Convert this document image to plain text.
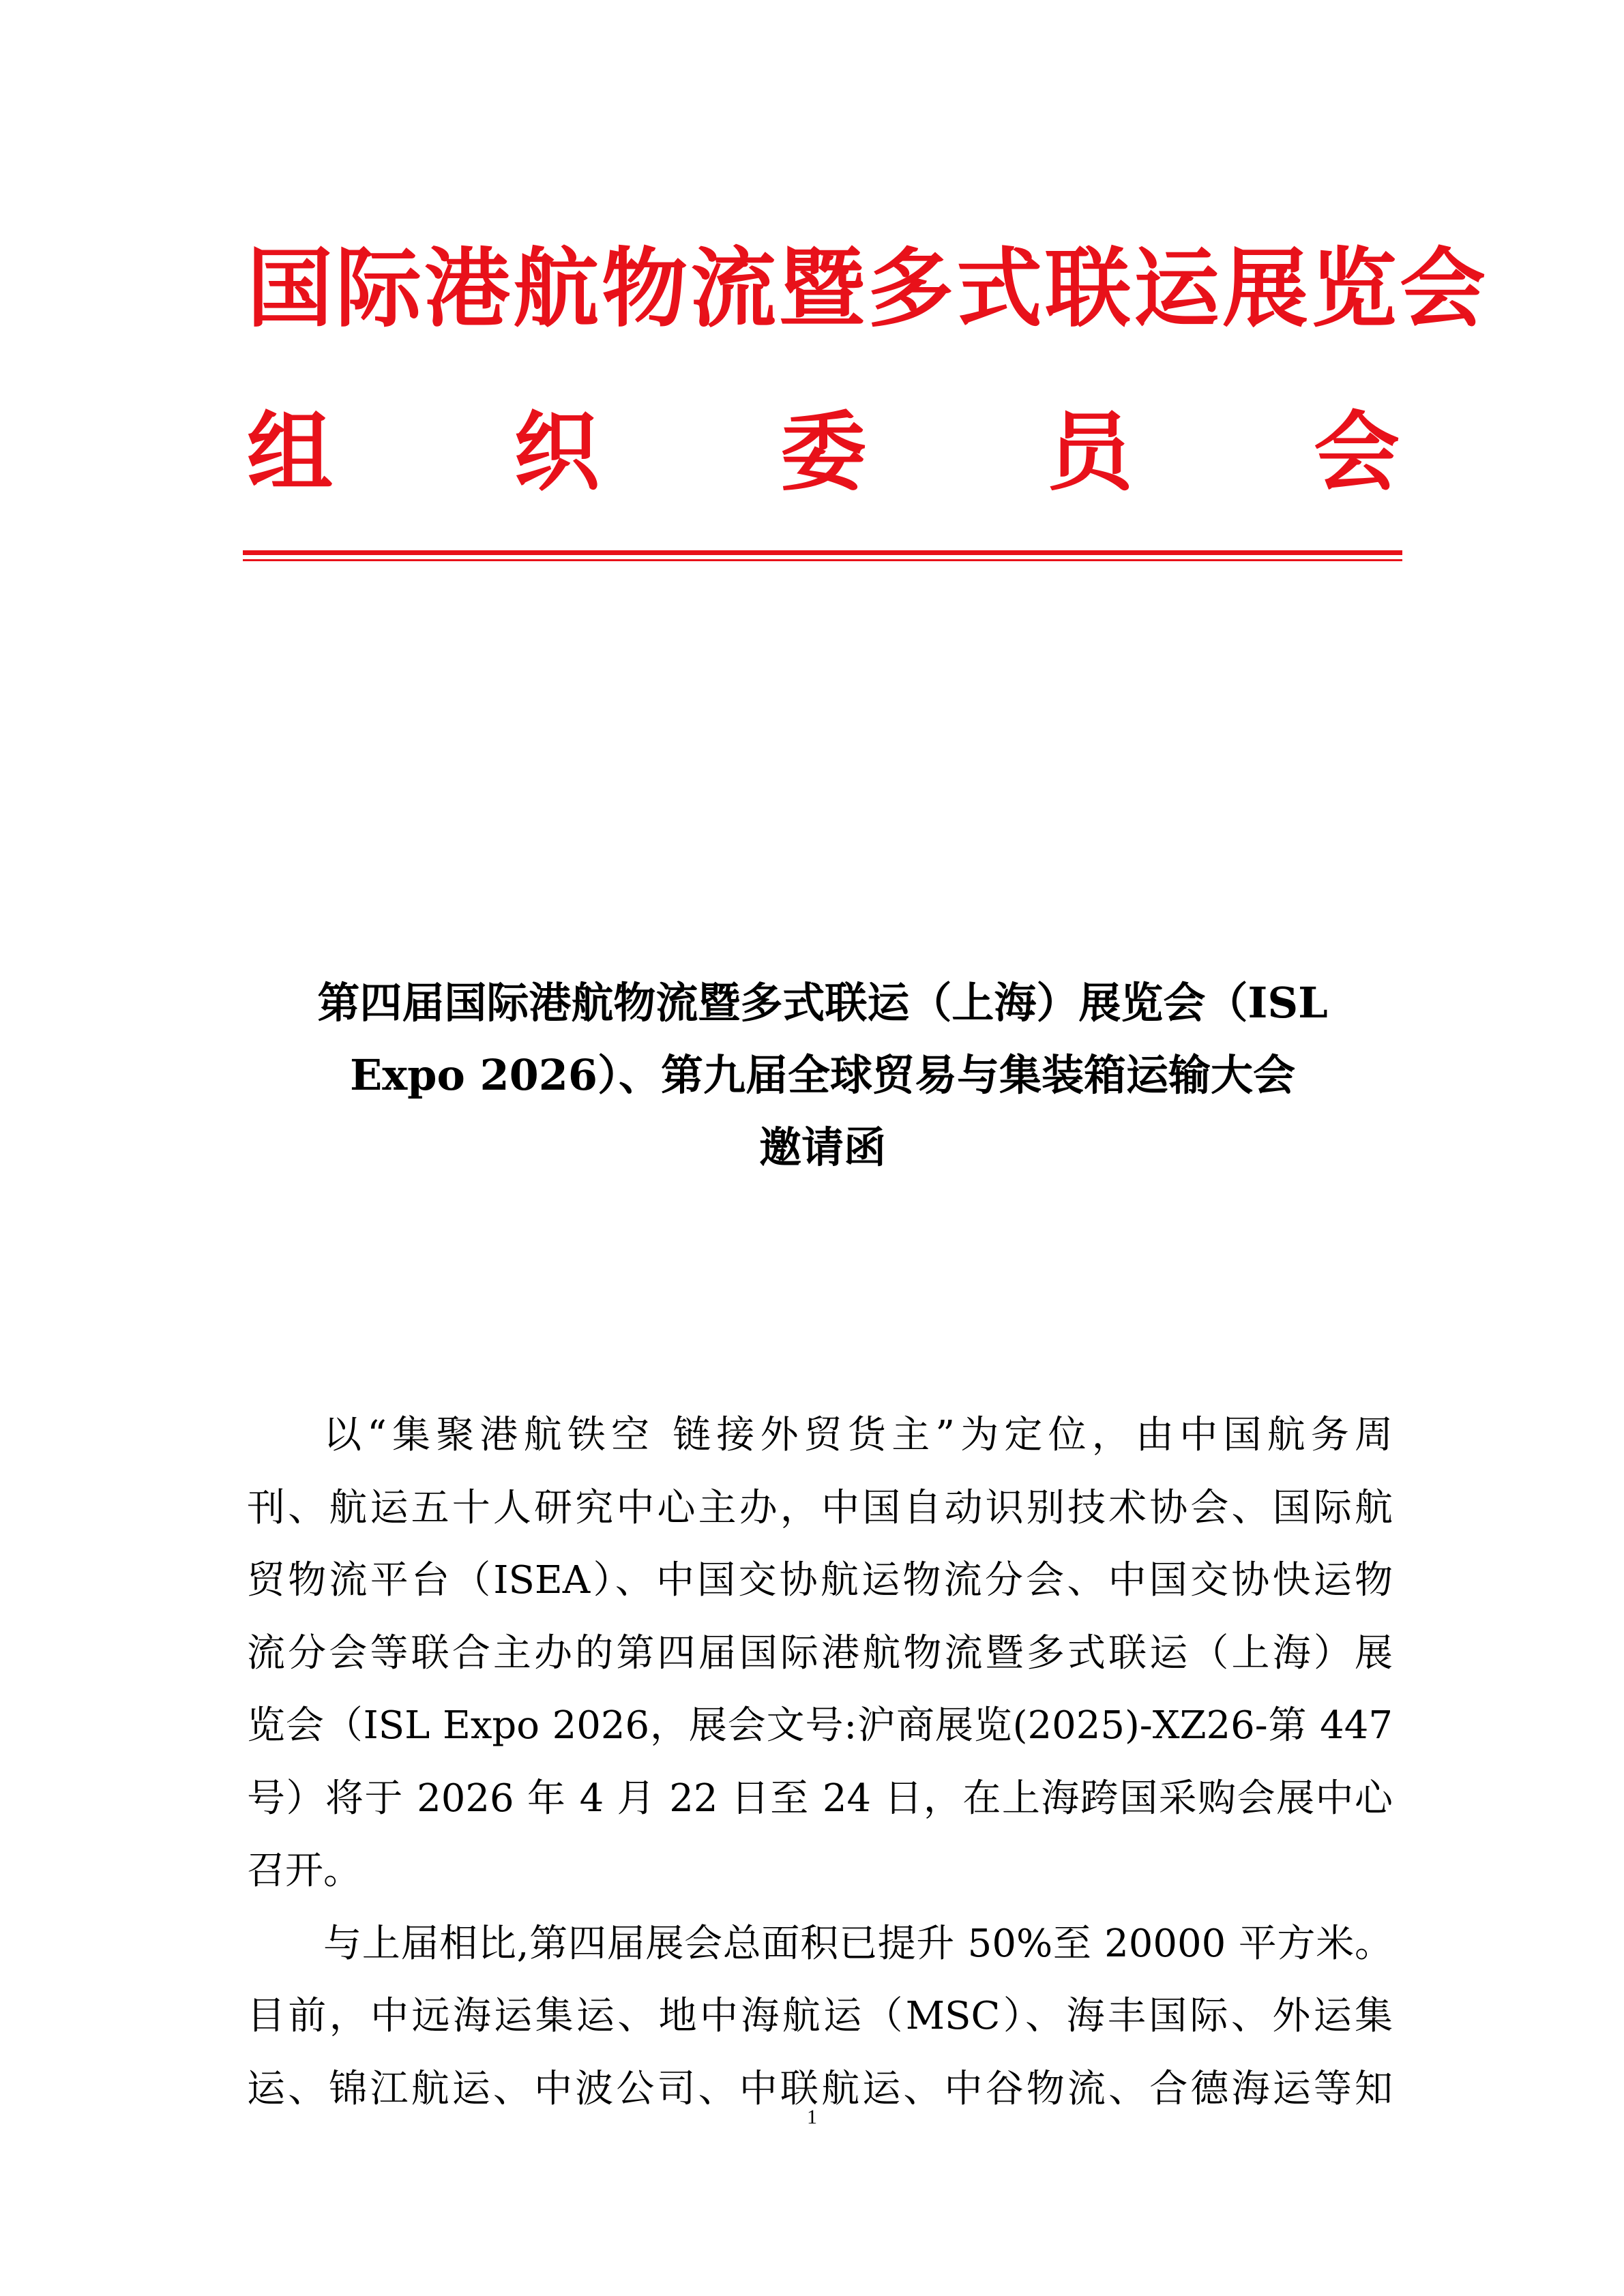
国际港航物流暨多式联运展览会
组 织 委 员 会
第四届国际港航物流暨多式联运（上海）展览会（ISL
Expo 2026）、第九届全球贸易与集装箱运输大会
邀请函
以“集聚港航铁空 链接外贸货主”为定位，由中国航务周
刊、航运五十人研究中心主办，中国自动识别技术协会、国际航
贸物流平台（ISEA）、中国交协航运物流分会、中国交协快运物
流分会等联合主办的第四届国际港航物流暨多式联运（上海）展
览会（ISL Expo 2026，展会文号:沪商展览(2025)-XZ26-第 447
号）将于 2026 年 4 月 22 日至 24 日，在上海跨国采购会展中心
召开。
与上届相比,第四届展会总面积已提升 50%至 20000 平方米。
目前，中远海运集运、地中海航运（MSC）、海丰国际、外运集
运、锦江航运、中波公司、中联航运、中谷物流、合德海运等知
1
